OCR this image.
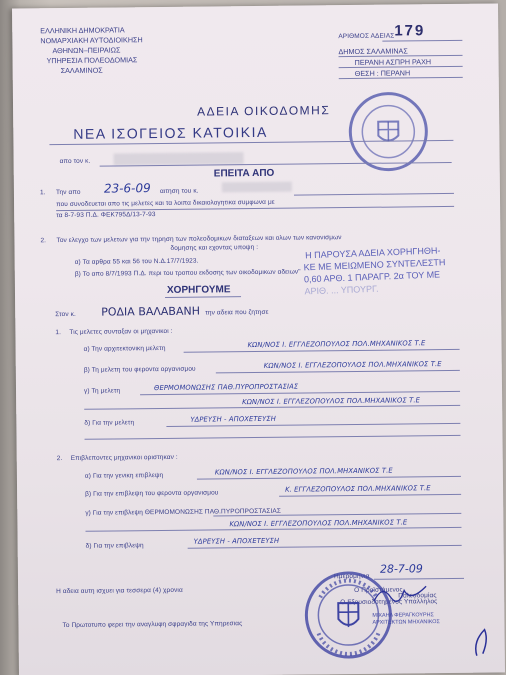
ΕΛΛΗΝΙΚΗ ΔΗΜΟΚΡΑΤΙΑ
ΝΟΜΑΡΧΙΑΚΗ ΑΥΤΟΔΙΟΙΚΗΣΗ
ΑΘΗΝΩΝ–ΠΕΙΡΑΙΩΣ
ΥΠΗΡΕΣΙΑ ΠΟΛΕΟΔΟΜΙΑΣ
ΣΑΛΑΜΙΝΟΣ
ΑΡΙΘΜΟΣ ΑΔΕΙΑΣ 179
ΔΗΜΟΣ ΣΑΛΑΜΙΝΑΣ
ΠΕΡΑΝΗ ΑΣΠΡΗ ΡΑΧΗ
ΘΕΣΗ : ΠΕΡΑΝΗ
ΑΔΕΙΑ ΟΙΚΟΔΟΜΗΣ
ΝΕΑ ΙΣΟΓΕΙΟΣ ΚΑΤΟΙΚΙΑ
απο τον κ.
ΕΠΕΙΤΑ ΑΠΟ
1. Την απο 23-6-09 αιτηση του κ.
που συνοδευεται απο τις μελετες και τα λοιπα δικαιολογητικα συμφωνα με
τα 8-7-93 Π.Δ. ΦΕΚ795Δ/13-7-93
2. Τον ελεγχο των μελετων για την τηρηση των πολεοδομικων διαταξεων και ολων των κανονισμων
δομησης και εχοντας υποψη :
α) Τα αρθρα 55 και 56 του Ν.Δ.17/7/1923.
β) Το απο 8/7/1993 Π.Δ. περι του τροπου εκδοσης των οικοδομικων αδειων"
Η ΠΑΡΟΥΣΑ ΑΔΕΙΑ ΧΟΡΗΓΗΘΗ-
ΚΕ ΜΕ ΜΕΙΩΜΕΝΟ ΣΥΝΤΕΛΕΣΤΗ
0,60 ΑΡΘ. 1 ΠΑΡΑΓΡ. 2α ΤΟΥ ΜΕ
ΑΡΙΘ. ... ΥΠΟΥΡΓ.
ΧΟΡΗΓΟΥΜΕ
Στον κ. ΡΟΔΙΑ ΒΑΛΑΒΑΝΗ την αδεια που ζητησε
1. Τις μελετες συνταξαν οι μηχανικοι :
α) Την αρχιτεκτονικη μελετη	ΚΩΝ/ΝΟΣ Ι. ΕΓΓΛΕΖΟΠΟΥΛΟΣ ΠΟΛ.ΜΗΧΑΝΙΚΟΣ Τ.Ε
β) Τη μελετη του φεροντα οργανισμου	ΚΩΝ/ΝΟΣ Ι. ΕΓΓΛΕΖΟΠΟΥΛΟΣ ΠΟΛ.ΜΗΧΑΝΙΚΟΣ Τ.Ε
γ) Τη μελετη	ΘΕΡΜΟΜΟΝΩΣΗΣ ΠΑΘ.ΠΥΡΟΠΡΟΣΤΑΣΙΑΣ
ΚΩΝ/ΝΟΣ Ι. ΕΓΓΛΕΖΟΠΟΥΛΟΣ ΠΟΛ.ΜΗΧΑΝΙΚΟΣ Τ.Ε
δ) Για την μελετη	ΥΔΡΕΥΣΗ - ΑΠΟΧΕΤΕΥΣΗ
2. Επιβλεποντες μηχανικοι οριστηκαν :
α) Για την γενικη επιβλεψη	ΚΩΝ/ΝΟΣ Ι. ΕΓΓΛΕΖΟΠΟΥΛΟΣ ΠΟΛ.ΜΗΧΑΝΙΚΟΣ Τ.Ε
β) Για την επιβλεψη του φεροντα οργανισμου	Κ. ΕΓΓΛΕΖΟΠΟΥΛΟΣ ΠΟΛ.ΜΗΧΑΝΙΚΟΣ Τ.Ε
γ) Για την επιβλεψη ΘΕΡΜΟΜΟΝΩΣΗΣ ΠΑΘ.ΠΥΡΟΠΡΟΣΤΑΣΙΑΣ
ΚΩΝ/ΝΟΣ Ι. ΕΓΓΛΕΖΟΠΟΥΛΟΣ ΠΟΛ.ΜΗΧΑΝΙΚΟΣ Τ.Ε
δ) Για την επιβλεψη
ΥΔΡΕΥΣΗ - ΑΠΟΧΕΤΕΥΣΗ
Ημερομηνια
28-7-09
Η αδεια αυτη ισχυει για τεσσερα (4) χρονια	Ο Προϊστάμενος
Πολεοδομίας
Ο Εξουσιοδοτημένος Υπάλληλος
ΜΙΧΑΗΛ ΦΕΡΑΓΚΟΥΡΗΣ
ΑΡΧΙΤΕΚΤΩΝ ΜΗΧΑΝΙΚΟΣ
Το Πρωτοτυπο φερει την αναγλυφη σφραγιδα της Υπηρεσιας
